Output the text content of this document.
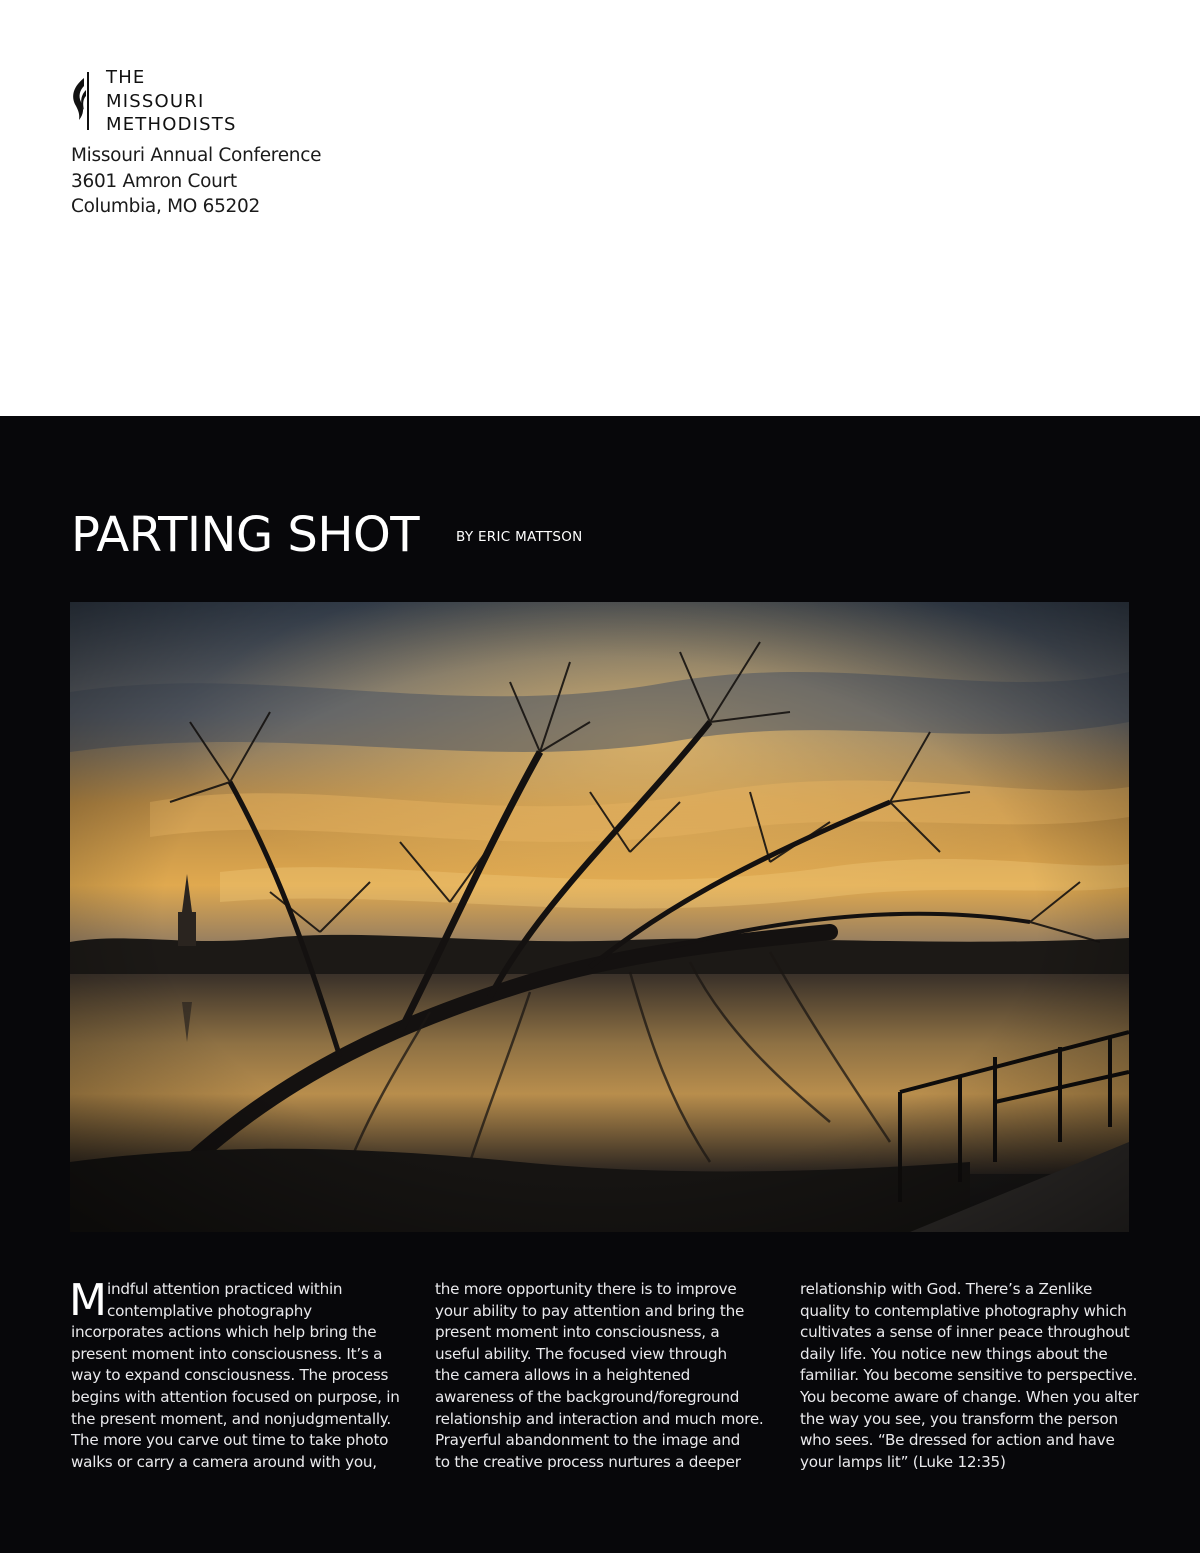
THE
MISSOURI
METHODISTS
Missouri Annual Conference
3601 Amron Court
Columbia, MO 65202
PARTING SHOT	BY ERIC MATTSON
M indful attention practiced within
contemplative photography
incorporates actions which help bring the
present moment into consciousness. It’s a
way to expand consciousness. The process
begins with attention focused on purpose, in
the present moment, and nonjudgmentally.
The more you carve out time to take photo
walks or carry a camera around with you,
the more opportunity there is to improve
your ability to pay attention and bring the
present moment into consciousness, a
useful ability. The focused view through
the camera allows in a heightened
awareness of the background/foreground
relationship and interaction and much more.
Prayerful abandonment to the image and
to the creative process nurtures a deeper
relationship with God. There’s a Zenlike
quality to contemplative photography which
cultivates a sense of inner peace throughout
daily life. You notice new things about the
familiar. You become sensitive to perspective.
You become aware of change. When you alter
the way you see, you transform the person
who sees. “Be dressed for action and have
your lamps lit” (Luke 12:35)
